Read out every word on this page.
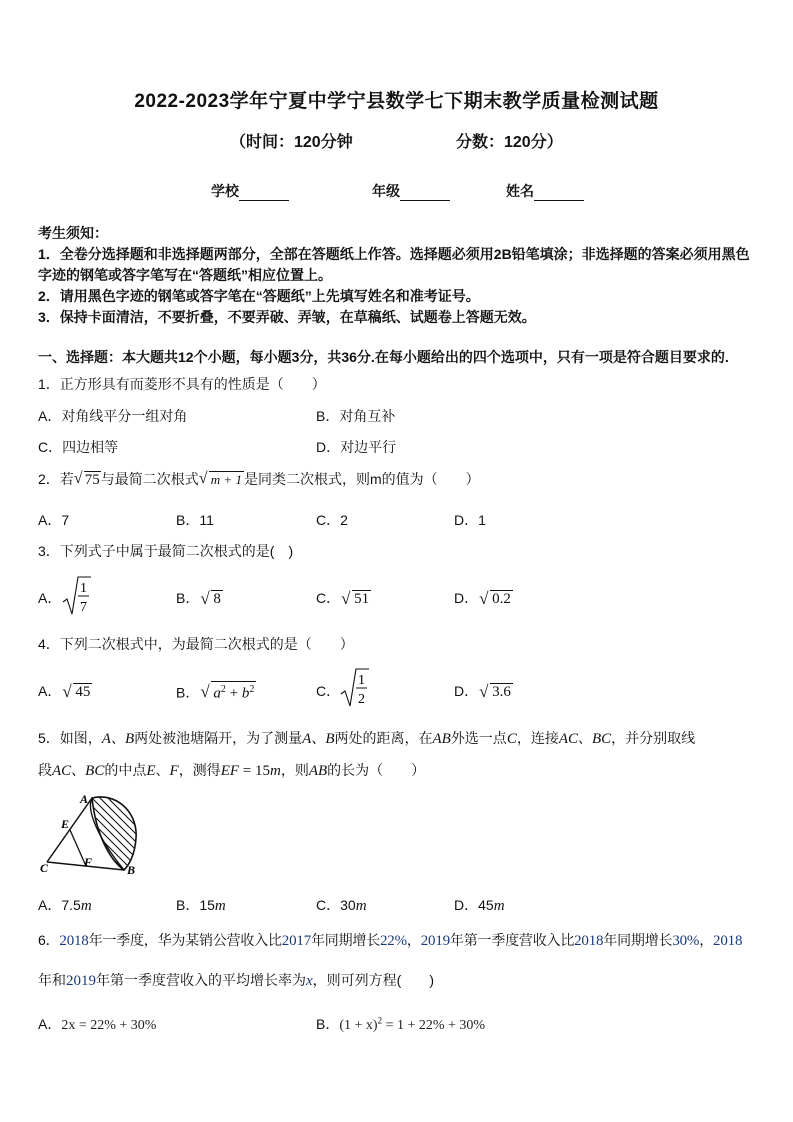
2022-2023学年宁夏中学宁县数学七下期末教学质量检测试题
（时间：120分钟	分数：120分）
学校	年级	姓名
考生须知：
1．全卷分选择题和非选择题两部分，全部在答题纸上作答。选择题必须用2B铅笔填涂；非选择题的答案必须用黑色
字迹的钢笔或答字笔写在“答题纸”相应位置上。
2．请用黑色字迹的钢笔或答字笔在“答题纸”上先填写姓名和准考证号。
3．保持卡面清洁，不要折叠，不要弄破、弄皱，在草稿纸、试题卷上答题无效。
一、选择题：本大题共12个小题，每小题3分，共36分.在每小题给出的四个选项中，只有一项是符合题目要求的.
1．正方形具有而菱形不具有的性质是（　　）
A．对角线平分一组对角	B．对角互补
C．四边相等	D．对边平行
2．若 √ 75与最简二次根式 √ m + 1 是同类二次根式，则m的值为（　　）
A．7	B．11	C．2	D．1
3．下列式子中属于最简二次根式的是(　)
A．
1
7
B． √ 8	C． √ 51	D． √ 0.2
4．下列二次根式中，为最简二次根式的是（　　）
A． √ 45	B． √ $a^2 + b^2$	C．
1
2
D． √ 3.6
5．如图，A、B两处被池塘隔开，为了测量A、B两处的距离，在AB外选一点C，连接AC、BC，并分别取线
段AC、BC的中点E、F，测得EF = 15m，则AB的长为（　　）
A
E
C	F
B
A．7.5m	B．15m	C．30m	D．45m
6．2018年一季度，华为某销公营收入比2017年同期增长22%，2019年第一季度营收入比2018年同期增长30%，2018
年和2019年第一季度营收入的平均增长率为x，则可列方程(　　)
A．2x = 22% + 30%	B．$(1 + x)^2 = 1 + 22\% + 30\%$
